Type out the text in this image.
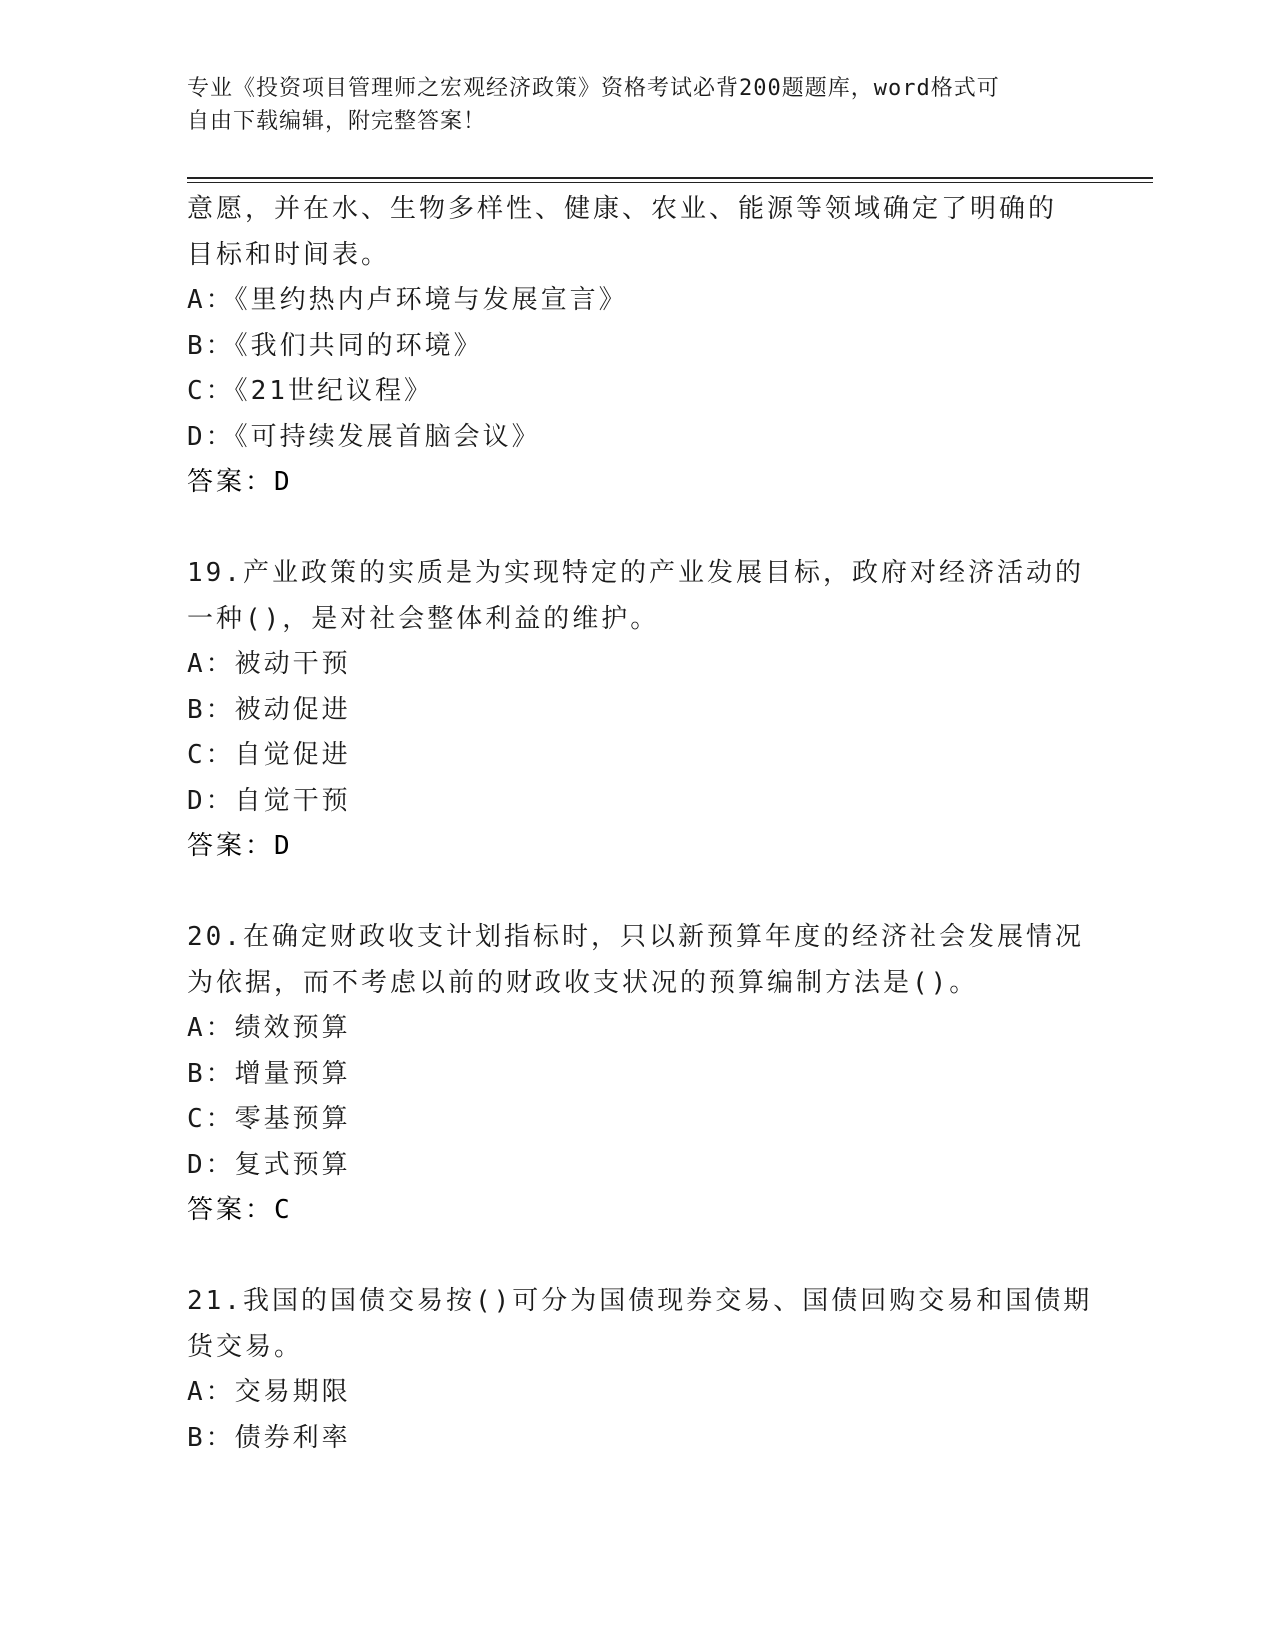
专业《投资项目管理师之宏观经济政策》资格考试必背200题题库，word格式可
自由下载编辑，附完整答案！
意愿，并在水、生物多样性、健康、农业、能源等领域确定了明确的
目标和时间表。
A：《里约热内卢环境与发展宣言》
B：《我们共同的环境》
C：《21世纪议程》
D：《可持续发展首脑会议》
答案：D
19.产业政策的实质是为实现特定的产业发展目标，政府对经济活动的
一种()，是对社会整体利益的维护。
A：被动干预
B：被动促进
C：自觉促进
D：自觉干预
答案：D
20.在确定财政收支计划指标时，只以新预算年度的经济社会发展情况
为依据，而不考虑以前的财政收支状况的预算编制方法是()。
A：绩效预算
B：增量预算
C：零基预算
D：复式预算
答案：C
21.我国的国债交易按()可分为国债现券交易、国债回购交易和国债期
货交易。
A：交易期限
B：债券利率
